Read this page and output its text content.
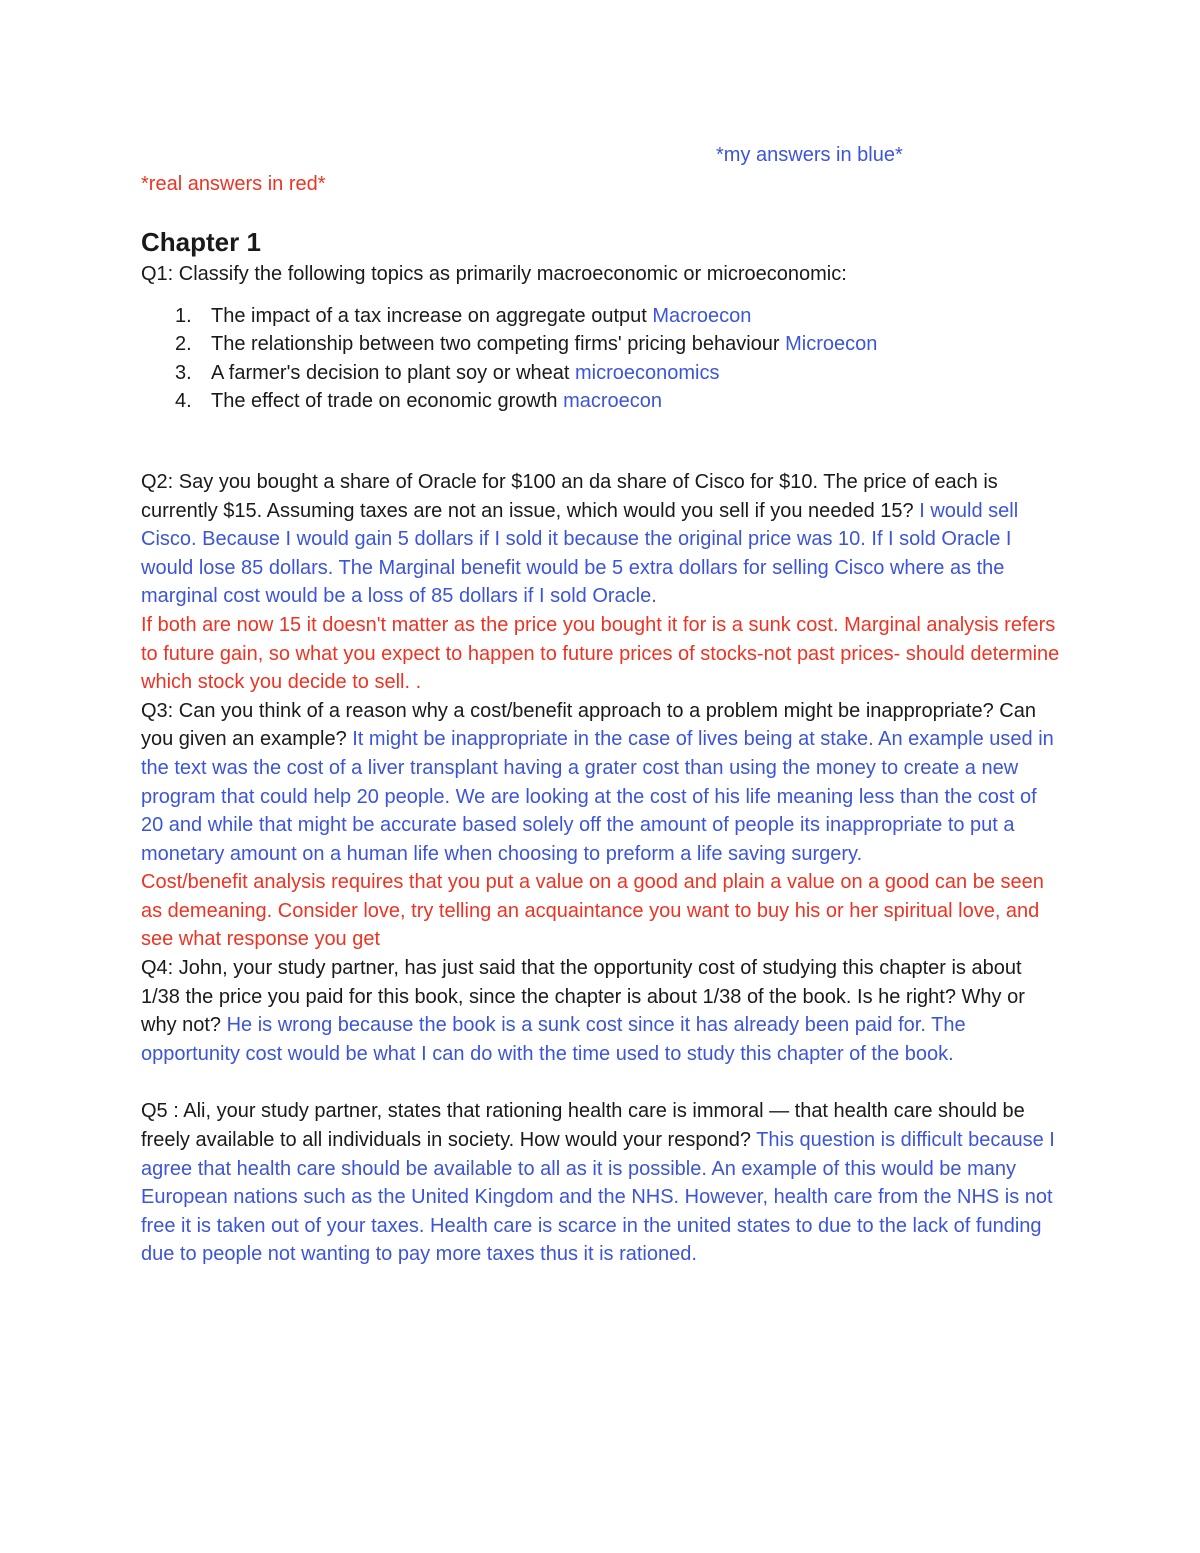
*my answers in blue*
*real answers in red*
Chapter 1

Q1: Classify the following topics as primarily macroeconomic or microeconomic:

1. The impact of a tax increase on aggregate output Macroecon
2. The relationship between two competing firms' pricing behaviour Microecon
3. A farmer's decision to plant soy or wheat microeconomics
4. The effect of trade on economic growth macroecon

Q2: Say you bought a share of Oracle for $100 an da share of Cisco for $10. The price of each is currently $15. Assuming taxes are not an issue, which would you sell if you needed 15? I would sell Cisco. Because I would gain 5 dollars if I sold it because the original price was 10. If I sold Oracle I would lose 85 dollars. The Marginal benefit would be 5 extra dollars for selling Cisco where as the marginal cost would be a loss of 85 dollars if I sold Oracle.

If both are now 15 it doesn't matter as the price you bought it for is a sunk cost. Marginal analysis refers to future gain, so what you expect to happen to future prices of stocks-not past prices- should determine which stock you decide to sell. .

Q3: Can you think of a reason why a cost/benefit approach to a problem might be inappropriate? Can you given an example? It might be inappropriate in the case of lives being at stake. An example used in the text was the cost of a liver transplant having a grater cost than using the money to create a new program that could help 20 people. We are looking at the cost of his life meaning less than the cost of 20 and while that might be accurate based solely off the amount of people its inappropriate to put a monetary amount on a human life when choosing to preform a life saving surgery.

Cost/benefit analysis requires that you put a value on a good and plain a value on a good can be seen as demeaning. Consider love, try telling an acquaintance you want to buy his or her spiritual love, and see what response you get

Q4: John, your study partner, has just said that the opportunity cost of studying this chapter is about 1/38 the price you paid for this book, since the chapter is about 1/38 of the book. Is he right? Why or why not? He is wrong because the book is a sunk cost since it has already been paid for. The opportunity cost would be what I can do with the time used to study this chapter of the book.

Q5 : Ali, your study partner, states that rationing health care is immoral — that health care should be freely available to all individuals in society. How would your respond? This question is difficult because I agree that health care should be available to all as it is possible. An example of this would be many European nations such as the United Kingdom and the NHS. However, health care from the NHS is not free it is taken out of your taxes. Health care is scarce in the united states to due to the lack of funding due to people not wanting to pay more taxes thus it is rationed.
